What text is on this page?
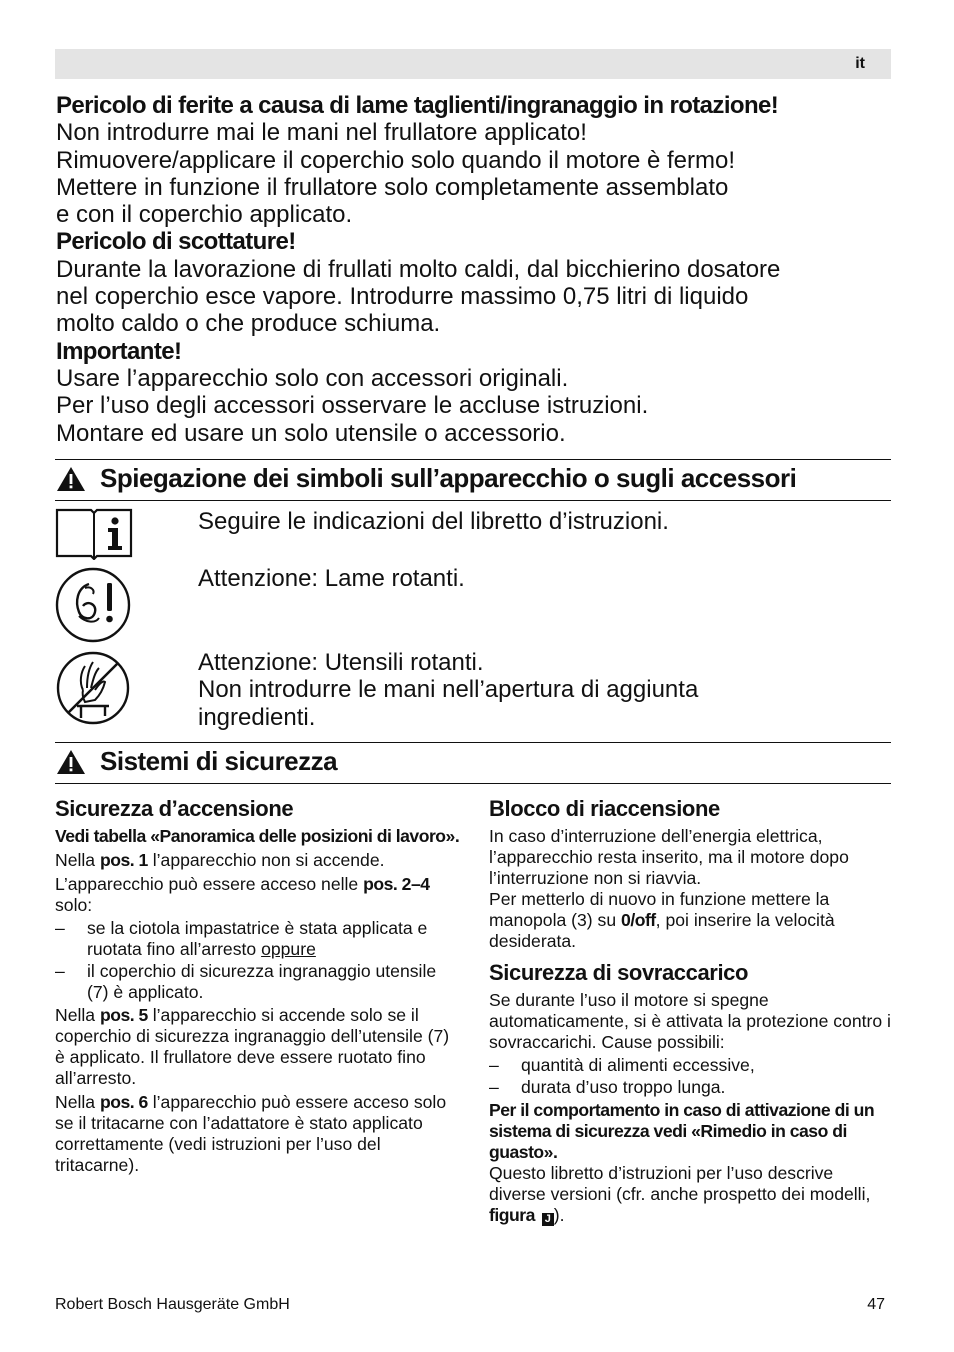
it

Pericolo di ferite a causa di lame taglienti/ingranaggio in rotazione!

Non introdurre mai le mani nel frullatore applicato!

Rimuovere/applicare il coperchio solo quando il motore è fermo!

Mettere in funzione il frullatore solo completamente assemblato

e con il coperchio applicato.

Pericolo di scottature!

Durante la lavorazione di frullati molto caldi, dal bicchierino dosatore

nel coperchio esce vapore. Introdurre massimo 0,75 litri di liquido

molto caldo o che produce schiuma.

Importante!

Usare l’apparecchio solo con accessori originali.

Per l’uso degli accessori osservare le accluse istruzioni.

Montare ed usare un solo utensile o accessorio.

Spiegazione dei simboli sull’apparecchio o sugli accessori

Seguire le indicazioni del libretto d’istruzioni.

Attenzione: Lame rotanti.

Attenzione: Utensili rotanti.

Non introdurre le mani nell’apertura di aggiunta

ingredienti.

Sistemi di sicurezza

Sicurezza d’accensione

Vedi tabella «Panoramica delle posizioni di lavoro».

Nella pos. 1 l’apparecchio non si accende.

L’apparecchio può essere acceso nelle pos. 2–4 solo:

– se la ciotola impastatrice è stata applicata e ruotata fino all’arresto oppure
– il coperchio di sicurezza ingranaggio utensile (7) è applicato.

Nella pos. 5 l’apparecchio si accende solo se il coperchio di sicurezza ingranaggio dell’utensile (7) è applicato. Il frullatore deve essere ruotato fino all’arresto.

Nella pos. 6 l’apparecchio può essere acceso solo se il tritacarne con l’adattatore è stato applicato correttamente (vedi istruzioni per l’uso del tritacarne).

Blocco di riaccensione

In caso d’interruzione dell’energia elettrica, l’apparecchio resta inserito, ma il motore dopo l’interruzione non si riavvia.

Per metterlo di nuovo in funzione mettere la manopola (3) su 0/off, poi inserire la velocità desiderata.

Sicurezza di sovraccarico

Se durante l’uso il motore si spegne automaticamente, si è attivata la protezione contro i sovraccarichi. Cause possibili:

– quantità di alimenti eccessive,
– durata d’uso troppo lunga.

Per il comportamento in caso di attivazione di un sistema di sicurezza vedi «Rimedio in caso di guasto».

Questo libretto d’istruzioni per l’uso descrive diverse versioni (cfr. anche prospetto dei modelli, figura J ).

Robert Bosch Hausgeräte GmbH	47
